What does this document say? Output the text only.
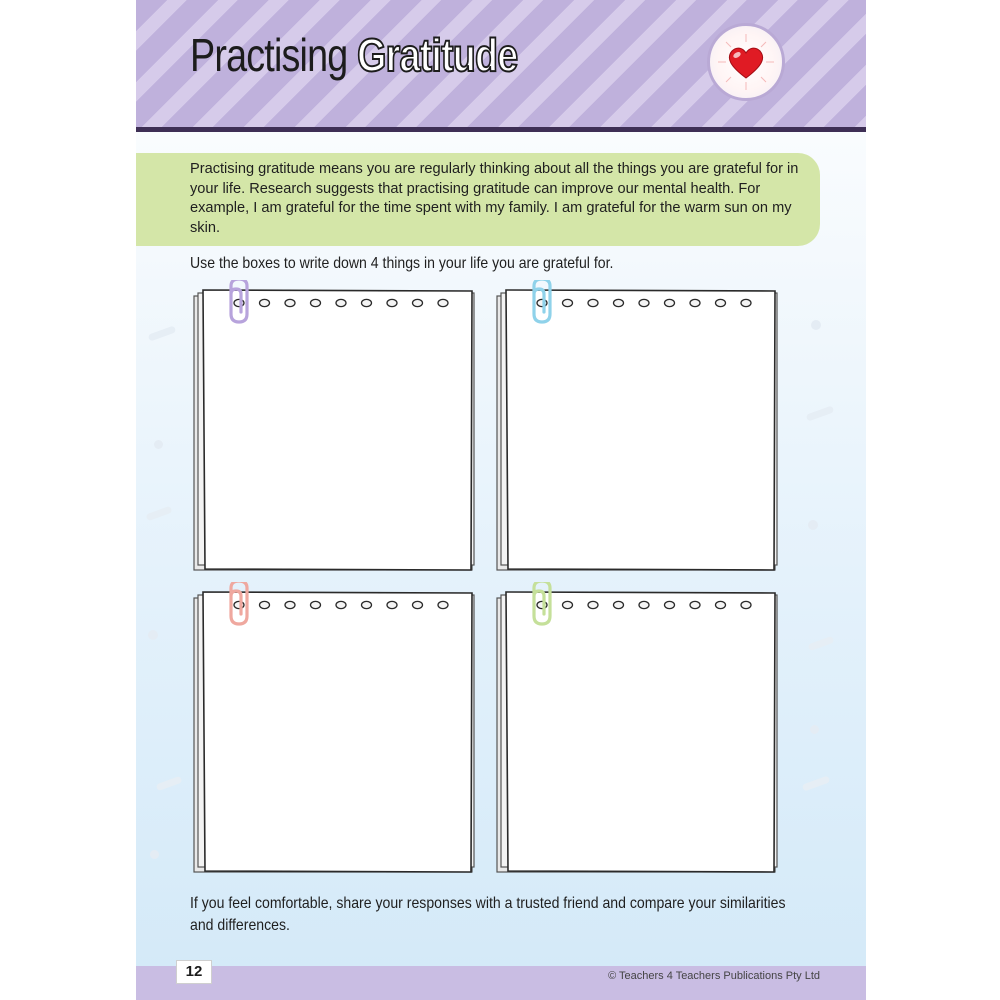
Practising Gratitude

Practising gratitude means you are regularly thinking about all the things you are grateful for in your life. Research suggests that practising gratitude can improve our mental health. For example, I am grateful for the time spent with my family. I am grateful for the warm sun on my skin.

Use the boxes to write down 4 things in your life you are grateful for.

If you feel comfortable, share your responses with a trusted friend and compare your similarities and differences.

12	© Teachers 4 Teachers Publications Pty Ltd
